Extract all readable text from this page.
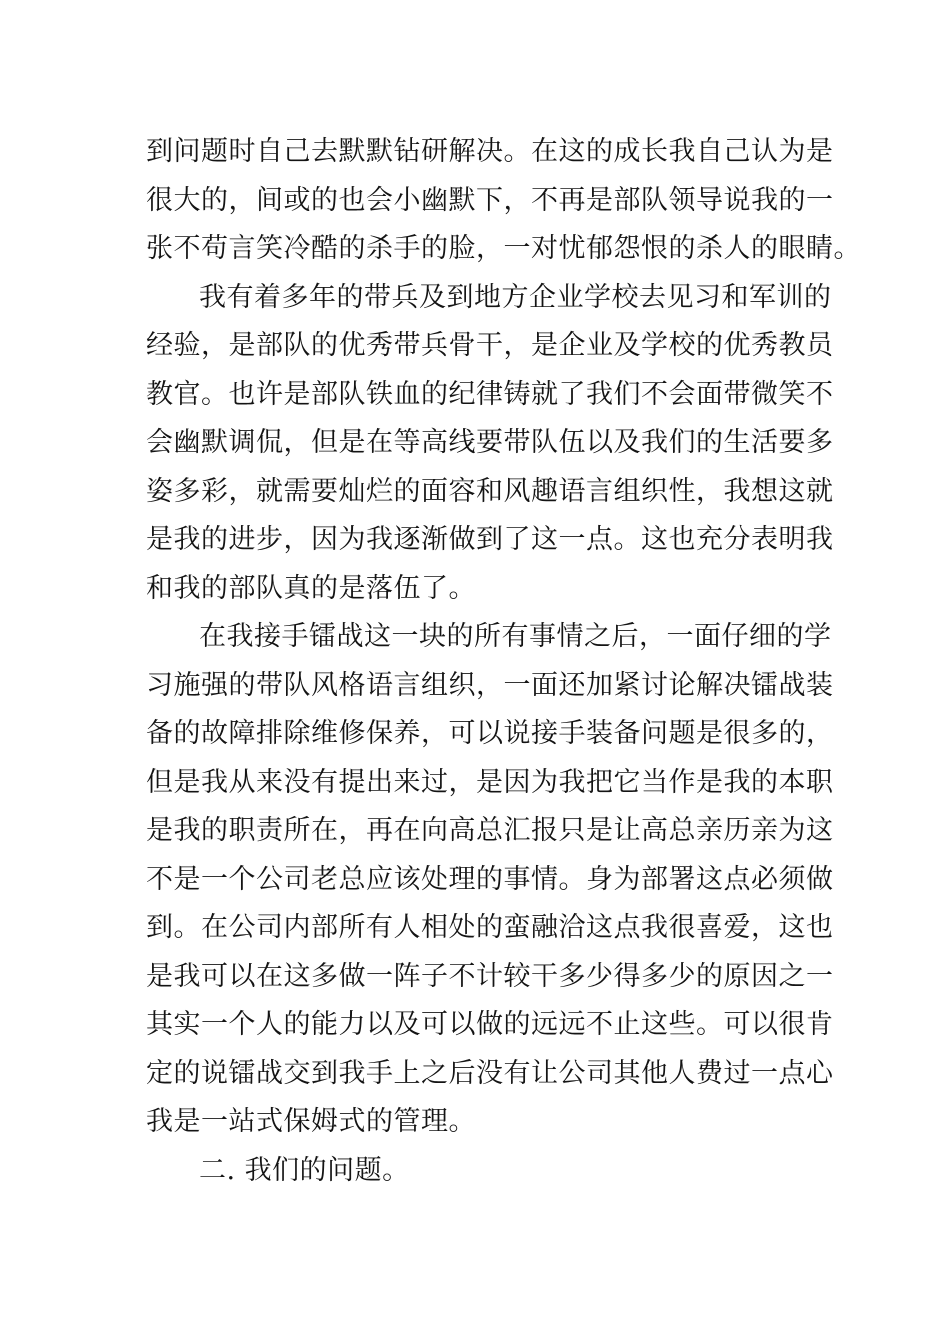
到问题时自己去默默钻研解决。在这的成长我自己认为是
很大的，间或的也会小幽默下，不再是部队领导说我的一
张不苟言笑冷酷的杀手的脸，一对忧郁怨恨的杀人的眼睛。
我有着多年的带兵及到地方企业学校去见习和军训的
经验，是部队的优秀带兵骨干，是企业及学校的优秀教员
教官。也许是部队铁血的纪律铸就了我们不会面带微笑不
会幽默调侃，但是在等高线要带队伍以及我们的生活要多
姿多彩，就需要灿烂的面容和风趣语言组织性，我想这就
是我的进步，因为我逐渐做到了这一点。这也充分表明我
和我的部队真的是落伍了。
在我接手镭战这一块的所有事情之后，一面仔细的学
习施强的带队风格语言组织，一面还加紧讨论解决镭战装
备的故障排除维修保养，可以说接手装备问题是很多的，
但是我从来没有提出来过，是因为我把它当作是我的本职
是我的职责所在，再在向高总汇报只是让高总亲历亲为这
不是一个公司老总应该处理的事情。身为部署这点必须做
到。在公司内部所有人相处的蛮融洽这点我很喜爱，这也
是我可以在这多做一阵子不计较干多少得多少的原因之一
其实一个人的能力以及可以做的远远不止这些。可以很肯
定的说镭战交到我手上之后没有让公司其他人费过一点心
我是一站式保姆式的管理。
二. 我们的问题。
